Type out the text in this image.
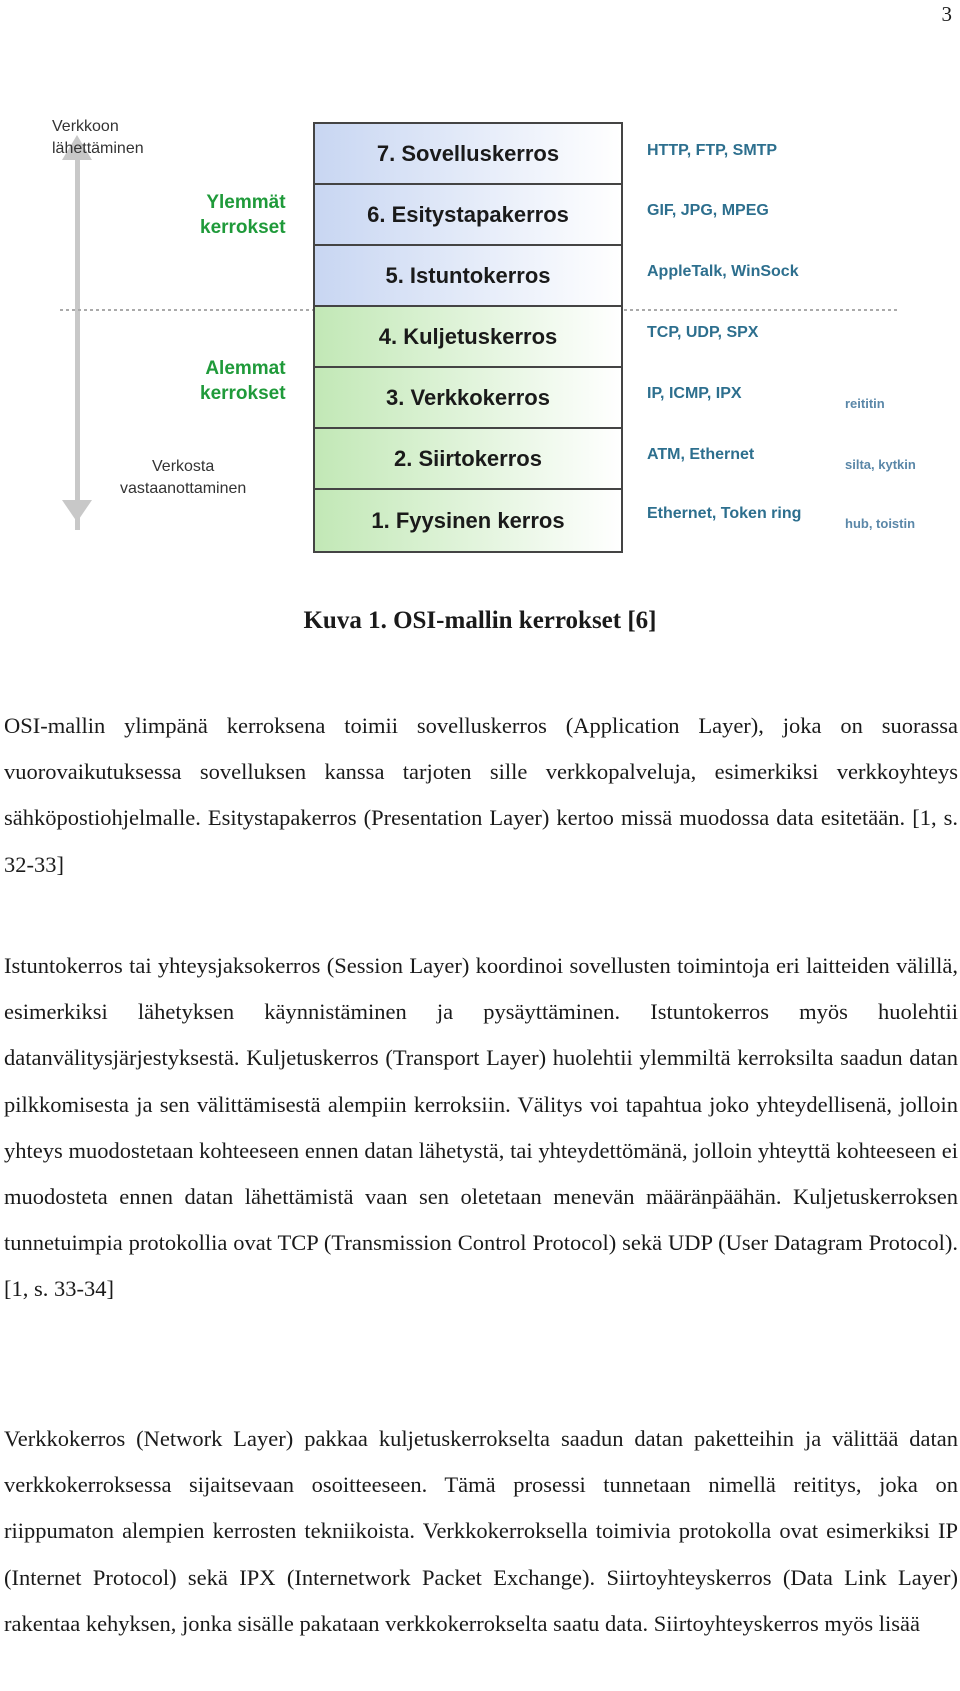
3
Verkkoon
lähettäminen
Verkosta
vastaanottaminen
Ylemmät
kerrokset
Alemmat
kerrokset
7. Sovelluskerros
6. Esitystapakerros
5. Istuntokerros
4. Kuljetuskerros
3. Verkkokerros
2. Siirtokerros
1. Fyysinen kerros
HTTP, FTP, SMTP
GIF, JPG, MPEG
AppleTalk, WinSock
TCP, UDP, SPX
IP, ICMP, IPX
ATM, Ethernet
Ethernet, Token ring
reititin
silta, kytkin
hub, toistin
Kuva 1. OSI-mallin kerrokset [6]

OSI-mallin ylimpänä kerroksena toimii sovelluskerros (Application Layer), joka on suorassa vuorovaikutuksessa sovelluksen kanssa tarjoten sille verkkopalveluja, esimerkiksi verkkoyhteys sähköpostiohjelmalle. Esitystapakerros (Presentation Layer) kertoo missä muodossa data esitetään. [1, s. 32-33]

Istuntokerros tai yhteysjaksokerros (Session Layer) koordinoi sovellusten toimintoja eri laitteiden välillä, esimerkiksi lähetyksen käynnistäminen ja pysäyttäminen. Istuntokerros myös huolehtii datanvälitysjärjestyksestä. Kuljetuskerros (Transport Layer) huolehtii ylemmiltä kerroksilta saadun datan pilkkomisesta ja sen välittämisestä alempiin kerroksiin. Välitys voi tapahtua joko yhteydellisenä, jolloin yhteys muodostetaan kohteeseen ennen datan lähetystä, tai yhteydettömänä, jolloin yhteyttä kohteeseen ei muodosteta ennen datan lähettämistä vaan sen oletetaan menevän määränpäähän. Kuljetuskerroksen tunnetuimpia protokollia ovat TCP (Transmission Control Protocol) sekä UDP (User Datagram Protocol). [1, s. 33-34]

Verkkokerros (Network Layer) pakkaa kuljetuskerrokselta saadun datan paketteihin ja välittää datan verkkokerroksessa sijaitsevaan osoitteeseen. Tämä prosessi tunnetaan nimellä reititys, joka on riippumaton alempien kerrosten tekniikoista. Verkkokerroksella toimivia protokolla ovat esimerkiksi IP (Internet Protocol) sekä IPX (Internetwork Packet Exchange). Siirtoyhteyskerros (Data Link Layer) rakentaa kehyksen, jonka sisälle pakataan verkkokerrokselta saatu data. Siirtoyhteyskerros myös lisää
